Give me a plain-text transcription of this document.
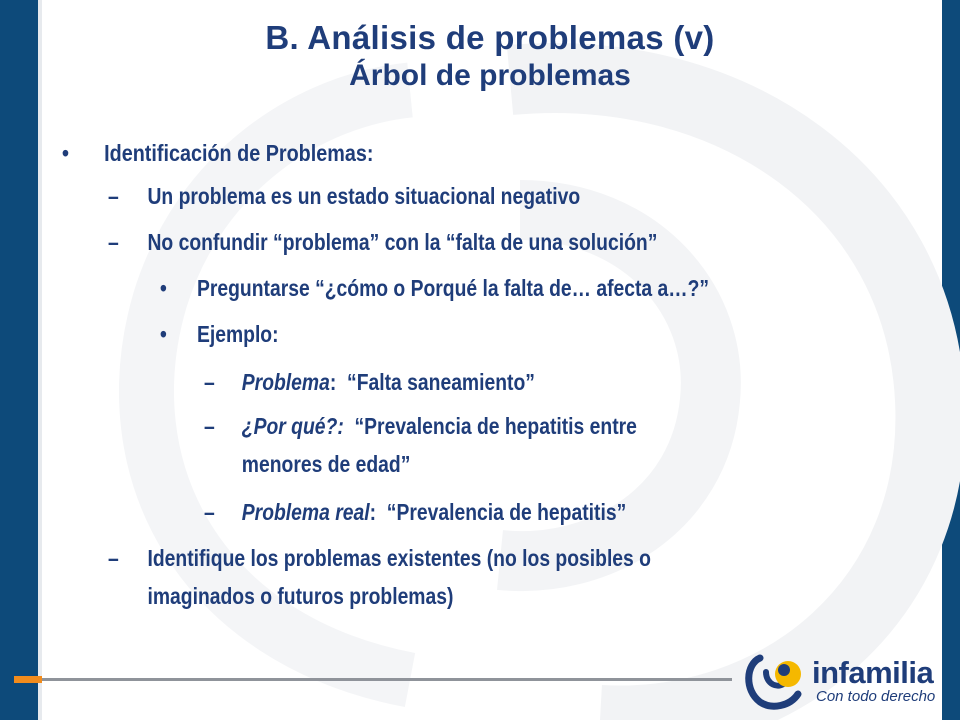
B. Análisis de problemas (v)
Árbol de problemas
• Identificación de Problemas:
– Un problema es un estado situacional negativo
– No confundir “problema” con la “falta de una solución”
• Preguntarse “¿cómo o Porqué la falta de… afecta a…?”
• Ejemplo:
– Problema: “Falta saneamiento”
– ¿Por qué?: “Prevalencia de hepatitis entre
menores de edad”
– Problema real: “Prevalencia de hepatitis”
– Identifique los problemas existentes (no los posibles o
imaginados o futuros problemas)
infamilia
Con todo derecho
